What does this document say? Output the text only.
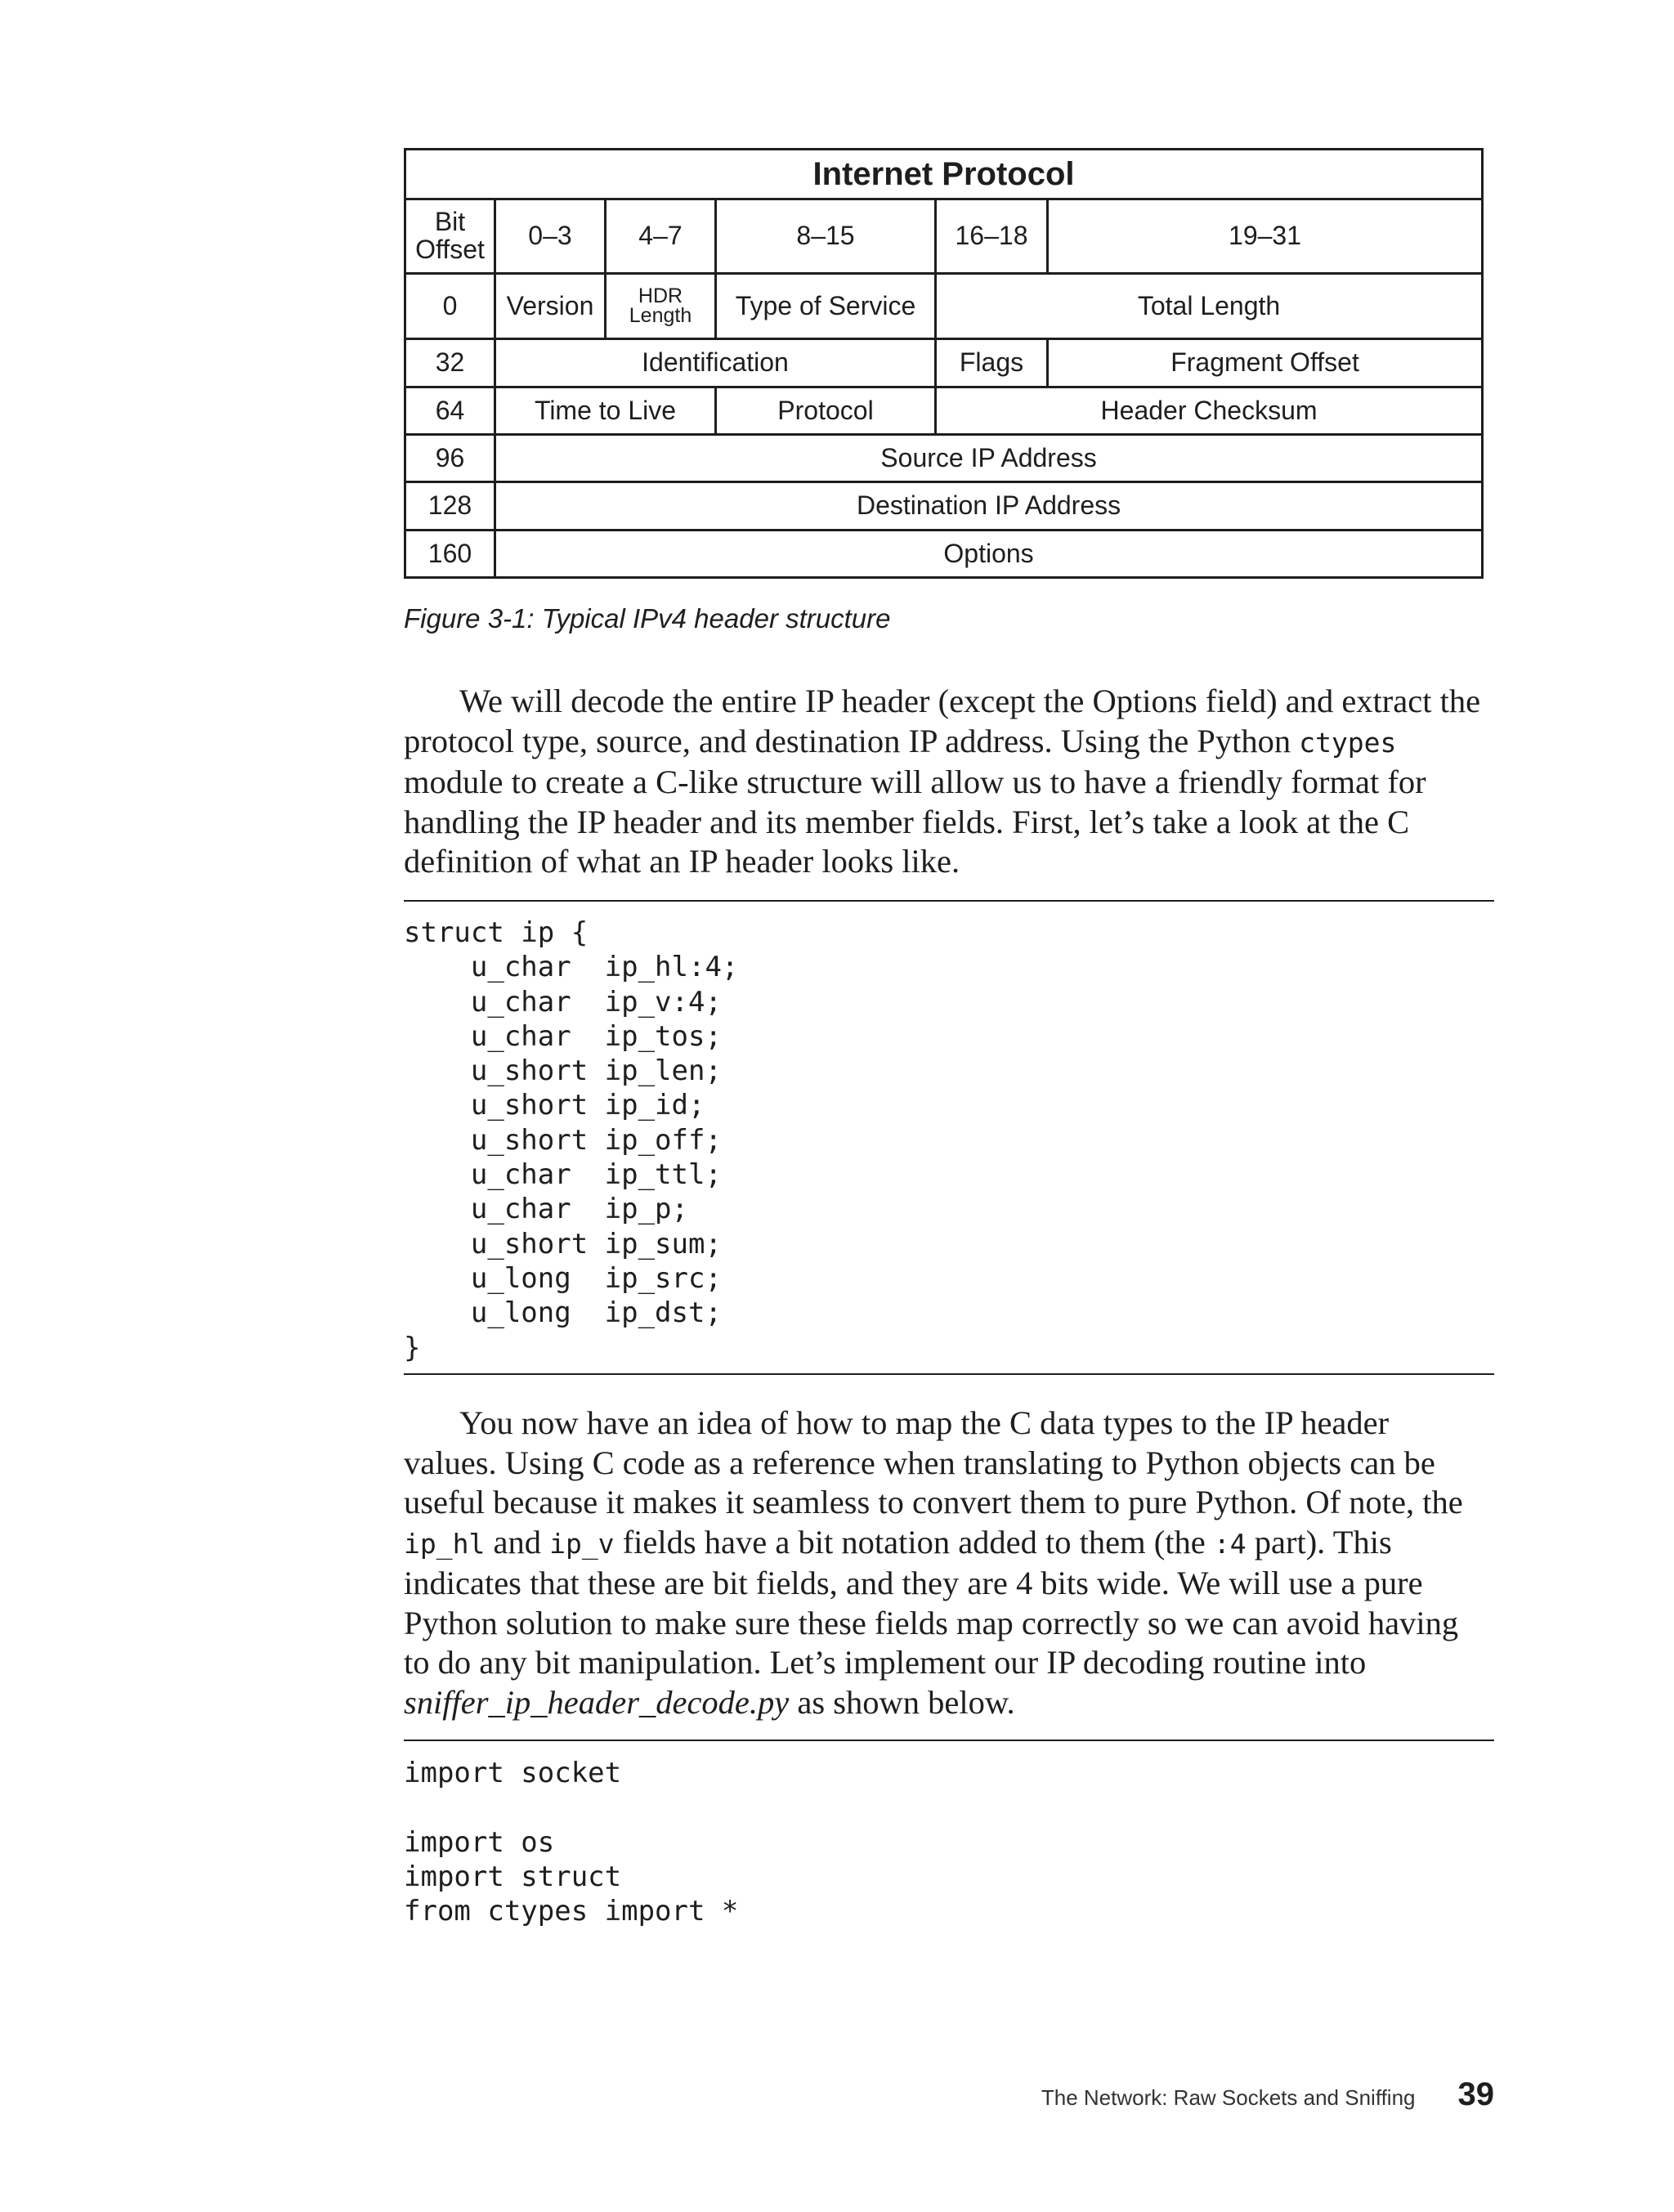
Internet Protocol					
Bit Offset	0–3	4–7	8–15	16–18	19–31
0	Version	HDR Length	Type of Service	Total Length	
32	Identification			Flags	Fragment Offset
64	Time to Live		Protocol	Header Checksum	
96	Source IP Address				
128	Destination IP Address				
160	Options				
Figure 3-1: Typical IPv4 header structure

We will decode the entire IP header (except the Options field) and extract the protocol type, source, and destination IP address. Using the Python ctypes module to create a C-like structure will allow us to have a friendly format for handling the IP header and its member fields. First, let’s take a look at the C definition of what an IP header looks like.

struct ip {
u_char  ip_hl:4;
u_char  ip_v:4;
u_char  ip_tos;
u_short ip_len;
u_short ip_id;
u_short ip_off;
u_char  ip_ttl;
u_char  ip_p;
u_short ip_sum;
u_long  ip_src;
u_long  ip_dst;
}

You now have an idea of how to map the C data types to the IP header values. Using C code as a reference when translating to Python objects can be useful because it makes it seamless to convert them to pure Python. Of note, the ip_hl and ip_v fields have a bit notation added to them (the :4 part). This indicates that these are bit fields, and they are 4 bits wide. We will use a pure Python solution to make sure these fields map correctly so we can avoid having to do any bit manipulation. Let’s implement our IP decoding routine into sniffer_ip_header_decode.py as shown below.

import socket

import os
import struct
from ctypes import *
The Network: Raw Sockets and Sniffing 39
